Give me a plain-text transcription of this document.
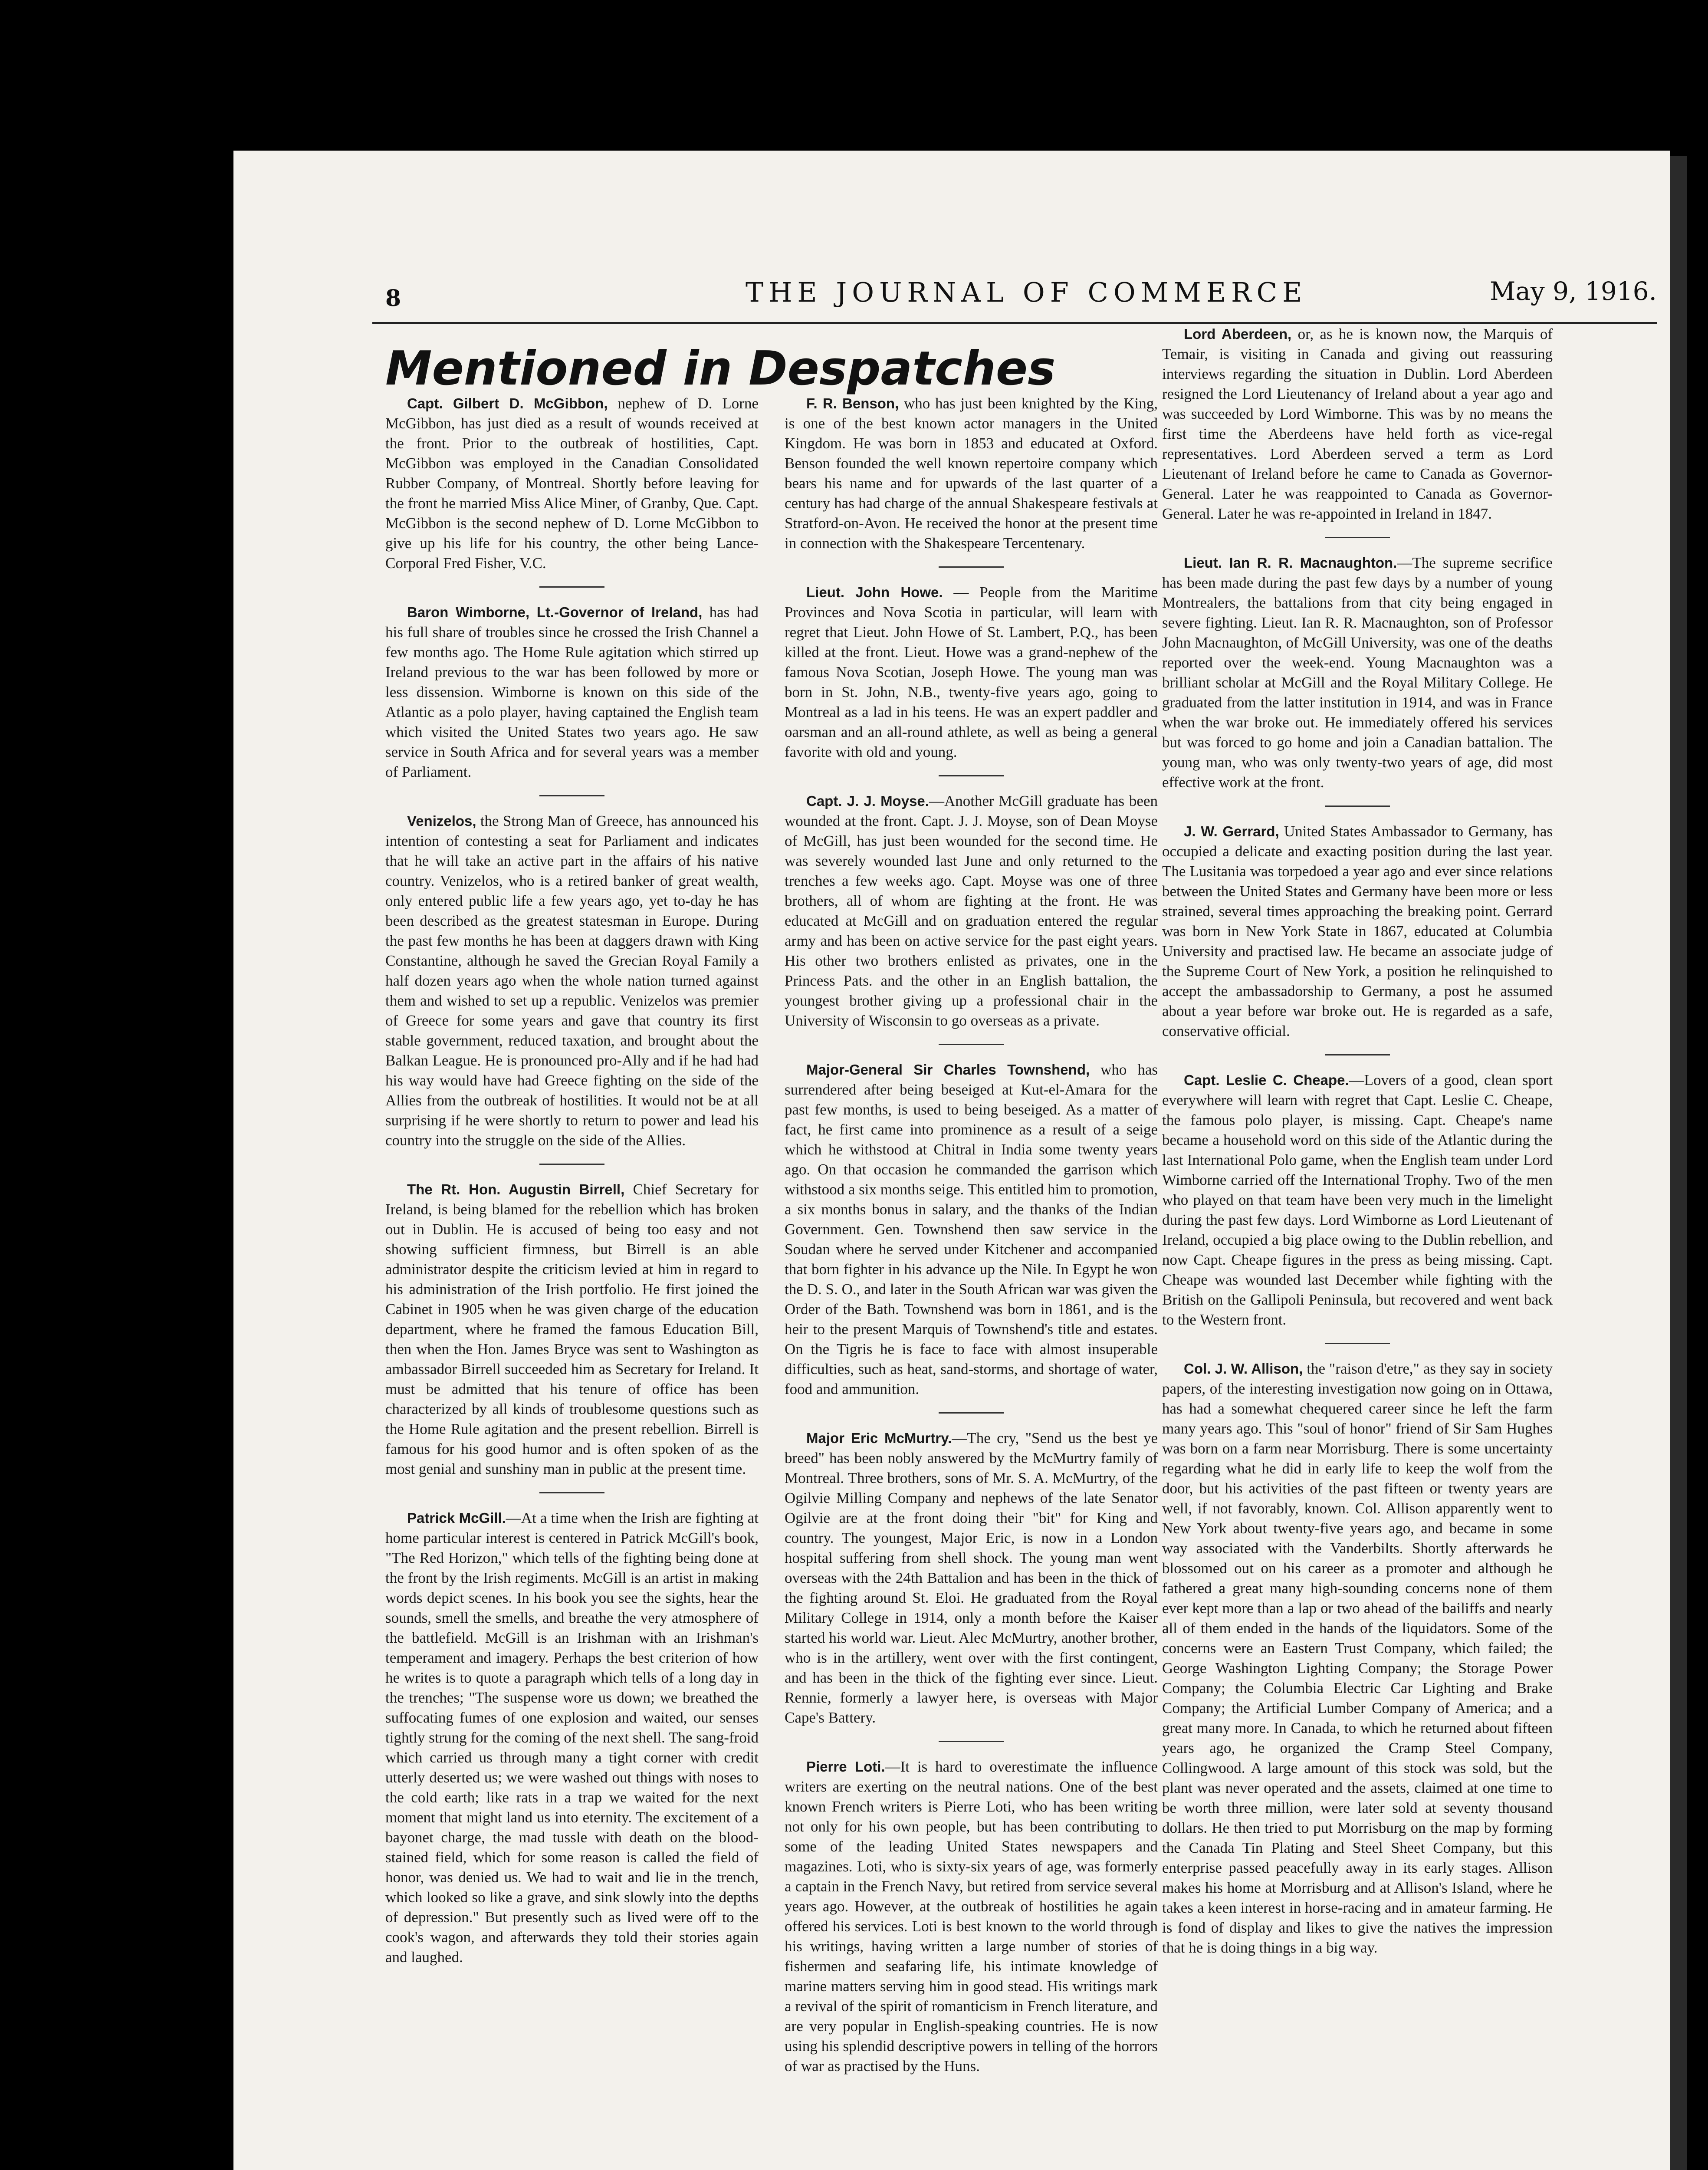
8	THE JOURNAL OF COMMERCE	May 9, 1916.
Mentioned in Despatches

Capt. Gilbert D. McGibbon, nephew of D. Lorne McGibbon, has just died as a result of wounds received at the front. Prior to the outbreak of hostilities, Capt. McGibbon was employed in the Canadian Consolidated Rubber Company, of Montreal. Shortly before leaving for the front he married Miss Alice Miner, of Granby, Que. Capt. McGibbon is the second nephew of D. Lorne McGibbon to give up his life for his country, the other being Lance-Corporal Fred Fisher, V.C.

Baron Wimborne, Lt.-Governor of Ireland, has had his full share of troubles since he crossed the Irish Channel a few months ago. The Home Rule agitation which stirred up Ireland previous to the war has been followed by more or less dissension. Wimborne is known on this side of the Atlantic as a polo player, having captained the English team which visited the United States two years ago. He saw service in South Africa and for several years was a member of Parliament.

Venizelos, the Strong Man of Greece, has announced his intention of contesting a seat for Parliament and indicates that he will take an active part in the affairs of his native country. Venizelos, who is a retired banker of great wealth, only entered public life a few years ago, yet to-day he has been described as the greatest statesman in Europe. During the past few months he has been at daggers drawn with King Constantine, although he saved the Grecian Royal Family a half dozen years ago when the whole nation turned against them and wished to set up a republic. Venizelos was premier of Greece for some years and gave that country its first stable government, reduced taxation, and brought about the Balkan League. He is pronounced pro-Ally and if he had had his way would have had Greece fighting on the side of the Allies from the outbreak of hostilities. It would not be at all surprising if he were shortly to return to power and lead his country into the struggle on the side of the Allies.

The Rt. Hon. Augustin Birrell, Chief Secretary for Ireland, is being blamed for the rebellion which has broken out in Dublin. He is accused of being too easy and not showing sufficient firmness, but Birrell is an able administrator despite the criticism levied at him in regard to his administration of the Irish portfolio. He first joined the Cabinet in 1905 when he was given charge of the education department, where he framed the famous Education Bill, then when the Hon. James Bryce was sent to Washington as ambassador Birrell succeeded him as Secretary for Ireland. It must be admitted that his tenure of office has been characterized by all kinds of troublesome questions such as the Home Rule agitation and the present rebellion. Birrell is famous for his good humor and is often spoken of as the most genial and sunshiny man in public at the present time.

Patrick McGill.—At a time when the Irish are fighting at home particular interest is centered in Patrick McGill's book, "The Red Horizon," which tells of the fighting being done at the front by the Irish regiments. McGill is an artist in making words depict scenes. In his book you see the sights, hear the sounds, smell the smells, and breathe the very atmosphere of the battlefield. McGill is an Irishman with an Irishman's temperament and imagery. Perhaps the best criterion of how he writes is to quote a paragraph which tells of a long day in the trenches; "The suspense wore us down; we breathed the suffocating fumes of one explosion and waited, our senses tightly strung for the coming of the next shell. The sang-froid which carried us through many a tight corner with credit utterly deserted us; we were washed out things with noses to the cold earth; like rats in a trap we waited for the next moment that might land us into eternity. The excitement of a bayonet charge, the mad tussle with death on the blood-stained field, which for some reason is called the field of honor, was denied us. We had to wait and lie in the trench, which looked so like a grave, and sink slowly into the depths of depression." But presently such as lived were off to the cook's wagon, and afterwards they told their stories again and laughed.

F. R. Benson, who has just been knighted by the King, is one of the best known actor managers in the United Kingdom. He was born in 1853 and educated at Oxford. Benson founded the well known repertoire company which bears his name and for upwards of the last quarter of a century has had charge of the annual Shakespeare festivals at Stratford-on-Avon. He received the honor at the present time in connection with the Shakespeare Tercentenary.

Lieut. John Howe. — People from the Maritime Provinces and Nova Scotia in particular, will learn with regret that Lieut. John Howe of St. Lambert, P.Q., has been killed at the front. Lieut. Howe was a grand-nephew of the famous Nova Scotian, Joseph Howe. The young man was born in St. John, N.B., twenty-five years ago, going to Montreal as a lad in his teens. He was an expert paddler and oarsman and an all-round athlete, as well as being a general favorite with old and young.

Capt. J. J. Moyse.—Another McGill graduate has been wounded at the front. Capt. J. J. Moyse, son of Dean Moyse of McGill, has just been wounded for the second time. He was severely wounded last June and only returned to the trenches a few weeks ago. Capt. Moyse was one of three brothers, all of whom are fighting at the front. He was educated at McGill and on graduation entered the regular army and has been on active service for the past eight years. His other two brothers enlisted as privates, one in the Princess Pats. and the other in an English battalion, the youngest brother giving up a professional chair in the University of Wisconsin to go overseas as a private.

Major-General Sir Charles Townshend, who has surrendered after being beseiged at Kut-el-Amara for the past few months, is used to being beseiged. As a matter of fact, he first came into prominence as a result of a seige which he withstood at Chitral in India some twenty years ago. On that occasion he commanded the garrison which withstood a six months seige. This entitled him to promotion, a six months bonus in salary, and the thanks of the Indian Government. Gen. Townshend then saw service in the Soudan where he served under Kitchener and accompanied that born fighter in his advance up the Nile. In Egypt he won the D. S. O., and later in the South African war was given the Order of the Bath. Townshend was born in 1861, and is the heir to the present Marquis of Townshend's title and estates. On the Tigris he is face to face with almost insuperable difficulties, such as heat, sand-storms, and shortage of water, food and ammunition.

Major Eric McMurtry.—The cry, "Send us the best ye breed" has been nobly answered by the McMurtry family of Montreal. Three brothers, sons of Mr. S. A. McMurtry, of the Ogilvie Milling Company and nephews of the late Senator Ogilvie are at the front doing their "bit" for King and country. The youngest, Major Eric, is now in a London hospital suffering from shell shock. The young man went overseas with the 24th Battalion and has been in the thick of the fighting around St. Eloi. He graduated from the Royal Military College in 1914, only a month before the Kaiser started his world war. Lieut. Alec McMurtry, another brother, who is in the artillery, went over with the first contingent, and has been in the thick of the fighting ever since. Lieut. Rennie, formerly a lawyer here, is overseas with Major Cape's Battery.

Pierre Loti.—It is hard to overestimate the influence writers are exerting on the neutral nations. One of the best known French writers is Pierre Loti, who has been writing not only for his own people, but has been contributing to some of the leading United States newspapers and magazines. Loti, who is sixty-six years of age, was formerly a captain in the French Navy, but retired from service several years ago. However, at the outbreak of hostilities he again offered his services. Loti is best known to the world through his writings, having written a large number of stories of fishermen and seafaring life, his intimate knowledge of marine matters serving him in good stead. His writings mark a revival of the spirit of romanticism in French literature, and are very popular in English-speaking countries. He is now using his splendid descriptive powers in telling of the horrors of war as practised by the Huns.

Lord Aberdeen, or, as he is known now, the Marquis of Temair, is visiting in Canada and giving out reassuring interviews regarding the situation in Dublin. Lord Aberdeen resigned the Lord Lieutenancy of Ireland about a year ago and was succeeded by Lord Wimborne. This was by no means the first time the Aberdeens have held forth as vice-regal representatives. Lord Aberdeen served a term as Lord Lieutenant of Ireland before he came to Canada as Governor-General. Later he was reappointed to Canada as Governor-General. Later he was re-appointed in Ireland in 1847.

Lieut. Ian R. R. Macnaughton.—The supreme secrifice has been made during the past few days by a number of young Montrealers, the battalions from that city being engaged in severe fighting. Lieut. Ian R. R. Macnaughton, son of Professor John Macnaughton, of McGill University, was one of the deaths reported over the week-end. Young Macnaughton was a brilliant scholar at McGill and the Royal Military College. He graduated from the latter institution in 1914, and was in France when the war broke out. He immediately offered his services but was forced to go home and join a Canadian battalion. The young man, who was only twenty-two years of age, did most effective work at the front.

J. W. Gerrard, United States Ambassador to Germany, has occupied a delicate and exacting position during the last year. The Lusitania was torpedoed a year ago and ever since relations between the United States and Germany have been more or less strained, several times approaching the breaking point. Gerrard was born in New York State in 1867, educated at Columbia University and practised law. He became an associate judge of the Supreme Court of New York, a position he relinquished to accept the ambassadorship to Germany, a post he assumed about a year before war broke out. He is regarded as a safe, conservative official.

Capt. Leslie C. Cheape.—Lovers of a good, clean sport everywhere will learn with regret that Capt. Leslie C. Cheape, the famous polo player, is missing. Capt. Cheape's name became a household word on this side of the Atlantic during the last International Polo game, when the English team under Lord Wimborne carried off the International Trophy. Two of the men who played on that team have been very much in the limelight during the past few days. Lord Wimborne as Lord Lieutenant of Ireland, occupied a big place owing to the Dublin rebellion, and now Capt. Cheape figures in the press as being missing. Capt. Cheape was wounded last December while fighting with the British on the Gallipoli Peninsula, but recovered and went back to the Western front.

Col. J. W. Allison, the "raison d'etre," as they say in society papers, of the interesting investigation now going on in Ottawa, has had a somewhat chequered career since he left the farm many years ago. This "soul of honor" friend of Sir Sam Hughes was born on a farm near Morrisburg. There is some uncertainty regarding what he did in early life to keep the wolf from the door, but his activities of the past fifteen or twenty years are well, if not favorably, known. Col. Allison apparently went to New York about twenty-five years ago, and became in some way associated with the Vanderbilts. Shortly afterwards he blossomed out on his career as a promoter and although he fathered a great many high-sounding concerns none of them ever kept more than a lap or two ahead of the bailiffs and nearly all of them ended in the hands of the liquidators. Some of the concerns were an Eastern Trust Company, which failed; the George Washington Lighting Company; the Storage Power Company; the Columbia Electric Car Lighting and Brake Company; the Artificial Lumber Company of America; and a great many more. In Canada, to which he returned about fifteen years ago, he organized the Cramp Steel Company, Collingwood. A large amount of this stock was sold, but the plant was never operated and the assets, claimed at one time to be worth three million, were later sold at seventy thousand dollars. He then tried to put Morrisburg on the map by forming the Canada Tin Plating and Steel Sheet Company, but this enterprise passed peacefully away in its early stages. Allison makes his home at Morrisburg and at Allison's Island, where he takes a keen interest in horse-racing and in amateur farming. He is fond of display and likes to give the natives the impression that he is doing things in a big way.
